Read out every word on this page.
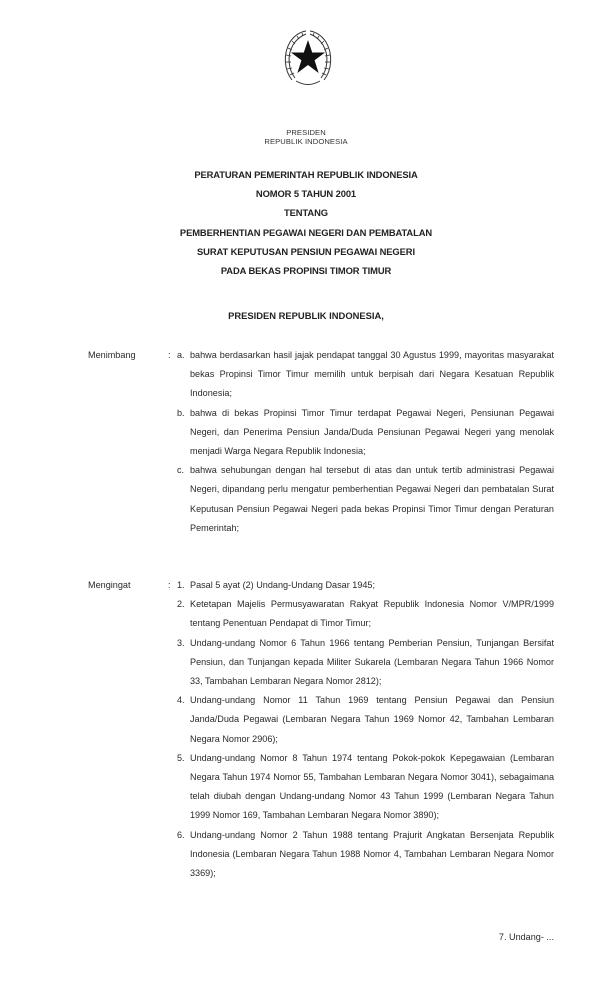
PRESIDEN
REPUBLIK INDONESIA
PERATURAN PEMERINTAH REPUBLIK INDONESIA
NOMOR 5 TAHUN 2001
TENTANG
PEMBERHENTIAN PEGAWAI NEGERI DAN PEMBATALAN
SURAT KEPUTUSAN PENSIUN PEGAWAI NEGERI
PADA BEKAS PROPINSI TIMOR TIMUR
PRESIDEN REPUBLIK INDONESIA,
Menimbang	: a. bahwa berdasarkan hasil jajak pendapat tanggal 30 Agustus 1999, mayoritas masyarakat bekas Propinsi Timor Timur memilih untuk berpisah dari Negara Kesatuan Republik Indonesia;
b. bahwa di bekas Propinsi Timor Timur terdapat Pegawai Negeri, Pensiunan Pegawai Negeri, dan Penerima Pensiun Janda/Duda Pensiunan Pegawai Negeri yang menolak menjadi Warga Negara Republik Indonesia;
c. bahwa sehubungan dengan hal tersebut di atas dan untuk tertib administrasi Pegawai Negeri, dipandang perlu mengatur pemberhentian Pegawai Negeri dan pembatalan Surat Keputusan Pensiun Pegawai Negeri pada bekas Propinsi Timor Timur dengan Peraturan Pemerintah;
Mengingat	: 1. Pasal 5 ayat (2) Undang-Undang Dasar 1945;
2. Ketetapan Majelis Permusyawaratan Rakyat Republik Indonesia Nomor V/MPR/1999 tentang Penentuan Pendapat di Timor Timur;
3. Undang-undang Nomor 6 Tahun 1966 tentang Pemberian Pensiun, Tunjangan Bersifat Pensiun, dan Tunjangan kepada Militer Sukarela (Lembaran Negara Tahun 1966 Nomor 33, Tambahan Lembaran Negara Nomor 2812);
4. Undang-undang Nomor 11 Tahun 1969 tentang Pensiun Pegawai dan Pensiun Janda/Duda Pegawai (Lembaran Negara Tahun 1969 Nomor 42, Tambahan Lembaran Negara Nomor 2906);
5. Undang-undang Nomor 8 Tahun 1974 tentang Pokok-pokok Kepegawaian (Lembaran Negara Tahun 1974 Nomor 55, Tambahan Lembaran Negara Nomor 3041), sebagaimana telah diubah dengan Undang-undang Nomor 43 Tahun 1999 (Lembaran Negara Tahun 1999 Nomor 169, Tambahan Lembaran Negara Nomor 3890);
6. Undang-undang Nomor 2 Tahun 1988 tentang Prajurit Angkatan Bersenjata Republik Indonesia (Lembaran Negara Tahun 1988 Nomor 4, Tambahan Lembaran Negara Nomor 3369);
7. Undang- ...
